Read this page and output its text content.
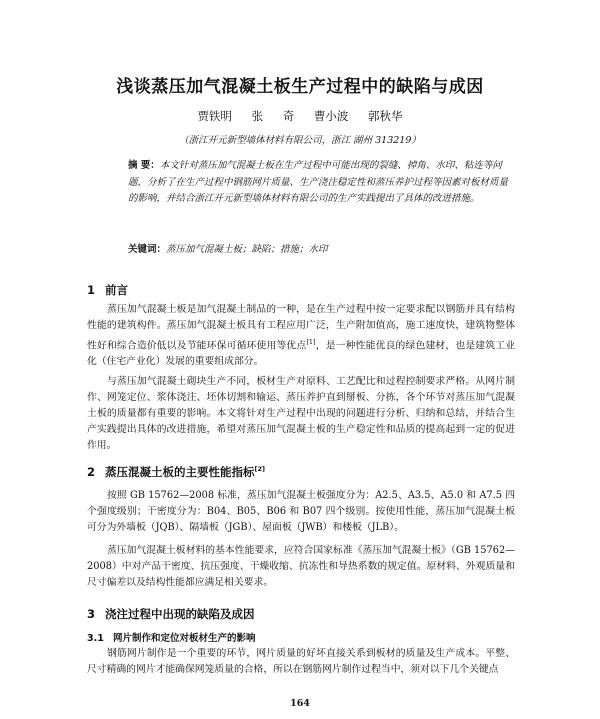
浅谈蒸压加气混凝土板生产过程中的缺陷与成因
贾铁明 张 奇 曹小波 郭秋华
（浙江开元新型墙体材料有限公司，浙江 湖州 313219）
摘 要：本文针对蒸压加气混凝土板在生产过程中可能出现的裂缝、掉角、水印、粘连等问题，分析了在生产过程中钢筋网片质量、生产浇注稳定性和蒸压养护过程等因素对板材质量的影响，并结合浙江开元新型墙体材料有限公司的生产实践提出了具体的改进措施。
关键词：蒸压加气混凝土板；缺陷；措施；水印
1 前言

蒸压加气混凝土板是加气混凝土制品的一种，是在生产过程中按一定要求配以钢筋并具有结构性能的建筑构件。蒸压加气混凝土板具有工程应用广泛，生产附加值高，施工速度快，建筑物整体性好和综合造价低以及节能环保可循环使用等优点[1]，是一种性能优良的绿色建材，也是建筑工业化（住宅产业化）发展的重要组成部分。

与蒸压加气混凝土砌块生产不同，板材生产对原料、工艺配比和过程控制要求严格。从网片制作、网笼定位、浆体浇注、坯体切割和输运、蒸压养护直到掰板、分拣，各个环节对蒸压加气混凝土板的质量都有重要的影响。本文将针对生产过程中出现的问题进行分析、归纳和总结，并结合生产实践提出具体的改进措施，希望对蒸压加气混凝土板的生产稳定性和品质的提高起到一定的促进作用。

2 蒸压混凝土板的主要性能指标[2]

按照 GB 15762—2008 标准，蒸压加气混凝土板强度分为：A2.5、A3.5、A5.0 和 A7.5 四个强度级别；干密度分为：B04、B05、B06 和 B07 四个级别。按使用性能，蒸压加气混凝土板可分为外墙板（JQB）、隔墙板（JGB）、屋面板（JWB）和楼板（JLB）。

蒸压加气混凝土板材料的基本性能要求，应符合国家标准《蒸压加气混凝土板》（GB 15762—2008）中对产品干密度、抗压强度、干燥收缩、抗冻性和导热系数的规定值。原材料、外观质量和尺寸偏差以及结构性能都应满足相关要求。

3 浇注过程中出现的缺陷及成因
3.1 网片制作和定位对板材生产的影响

钢筋网片制作是一个重要的环节，网片质量的好坏直接关系到板材的质量及生产成本。平整、尺寸精确的网片才能确保网笼质量的合格，所以在钢筋网片制作过程当中，须对以下几个关键点

164
